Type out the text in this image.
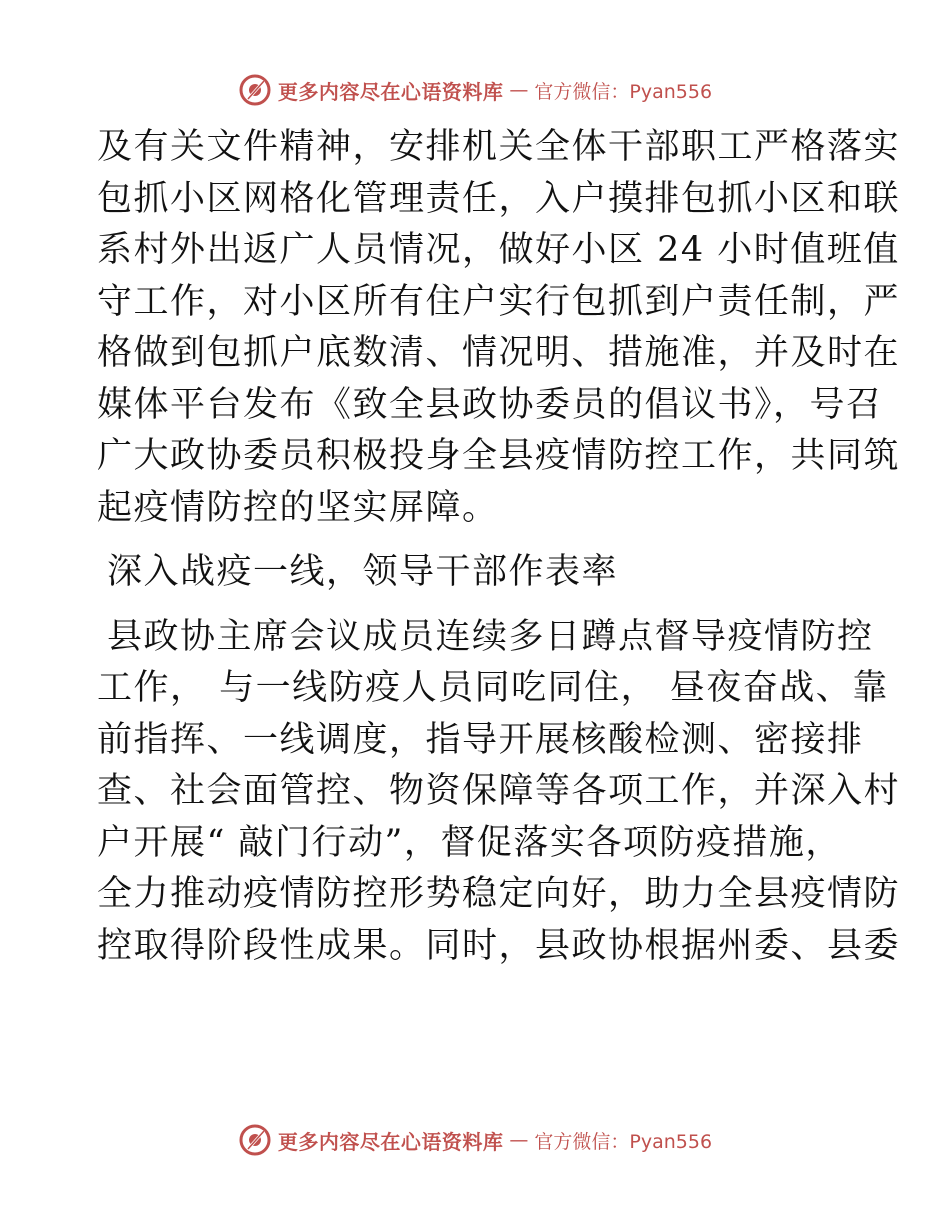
更多内容尽在心语资料库 — 官方微信：Pyan556
及有关文件精神，安排机关全体干部职工严格落实
包抓小区网格化管理责任，入户摸排包抓小区和联
系村外出返广人员情况，做好小区 24 小时值班值
守工作，对小区所有住户实行包抓到户责任制，严
格做到包抓户底数清、情况明、措施准，并及时在
媒体平台发布《致全县政协委员的倡议书》，号召
广大政协委员积极投身全县疫情防控工作，共同筑
起疫情防控的坚实屏障。
深入战疫一线，领导干部作表率
县政协主席会议成员连续多日蹲点督导疫情防控
工作， 与一线防疫人员同吃同住， 昼夜奋战、靠
前指挥、一线调度，指导开展核酸检测、密接排
查、社会面管控、物资保障等各项工作，并深入村
户开展“ 敲门行动”，督促落实各项防疫措施，
全力推动疫情防控形势稳定向好，助力全县疫情防
控取得阶段性成果。同时，县政协根据州委、县委
更多内容尽在心语资料库 — 官方微信：Pyan556
